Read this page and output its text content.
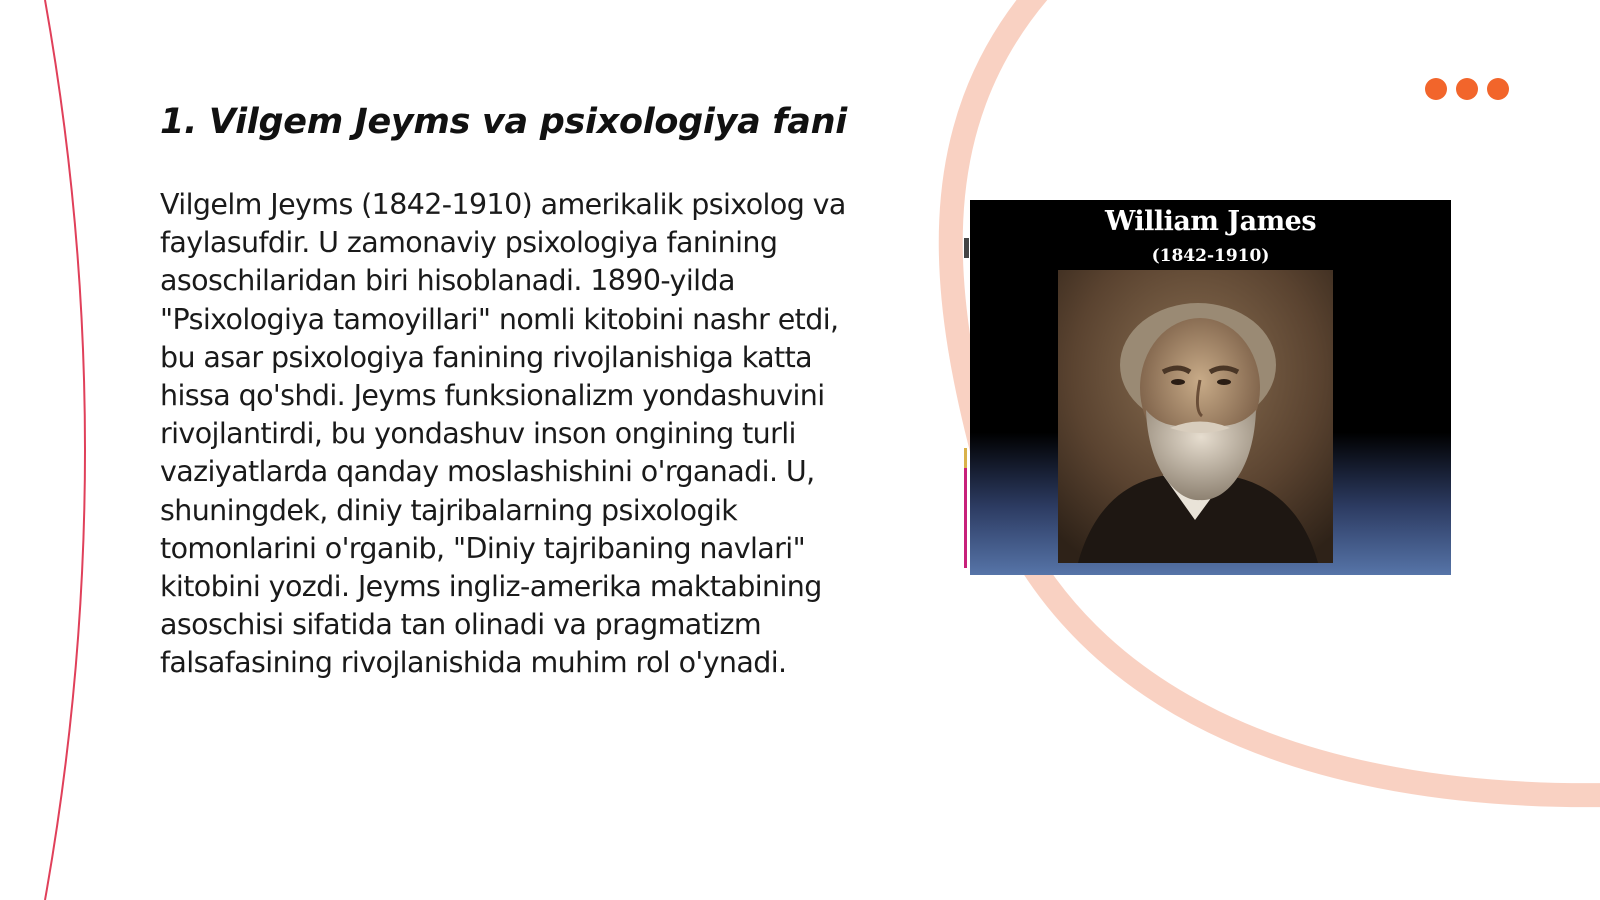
1. Vilgem Jeyms va psixologiya fani

Vilgelm Jeyms (1842-1910) amerikalik psixolog va faylasufdir. U zamonaviy psixologiya fanining asoschilaridan biri hisoblanadi. 1890-yilda "Psixologiya tamoyillari" nomli kitobini nashr etdi, bu asar psixologiya fanining rivojlanishiga katta hissa qo'shdi. Jeyms funksionalizm yondashuvini rivojlantirdi, bu yondashuv inson ongining turli vaziyatlarda qanday moslashishini o'rganadi. U, shuningdek, diniy tajribalarning psixologik tomonlarini o'rganib, "Diniy tajribaning navlari" kitobini yozdi. Jeyms ingliz-amerika maktabining asoschisi sifatida tan olinadi va pragmatizm falsafasining rivojlanishida muhim rol o'ynadi.

William James
(1842-1910)
